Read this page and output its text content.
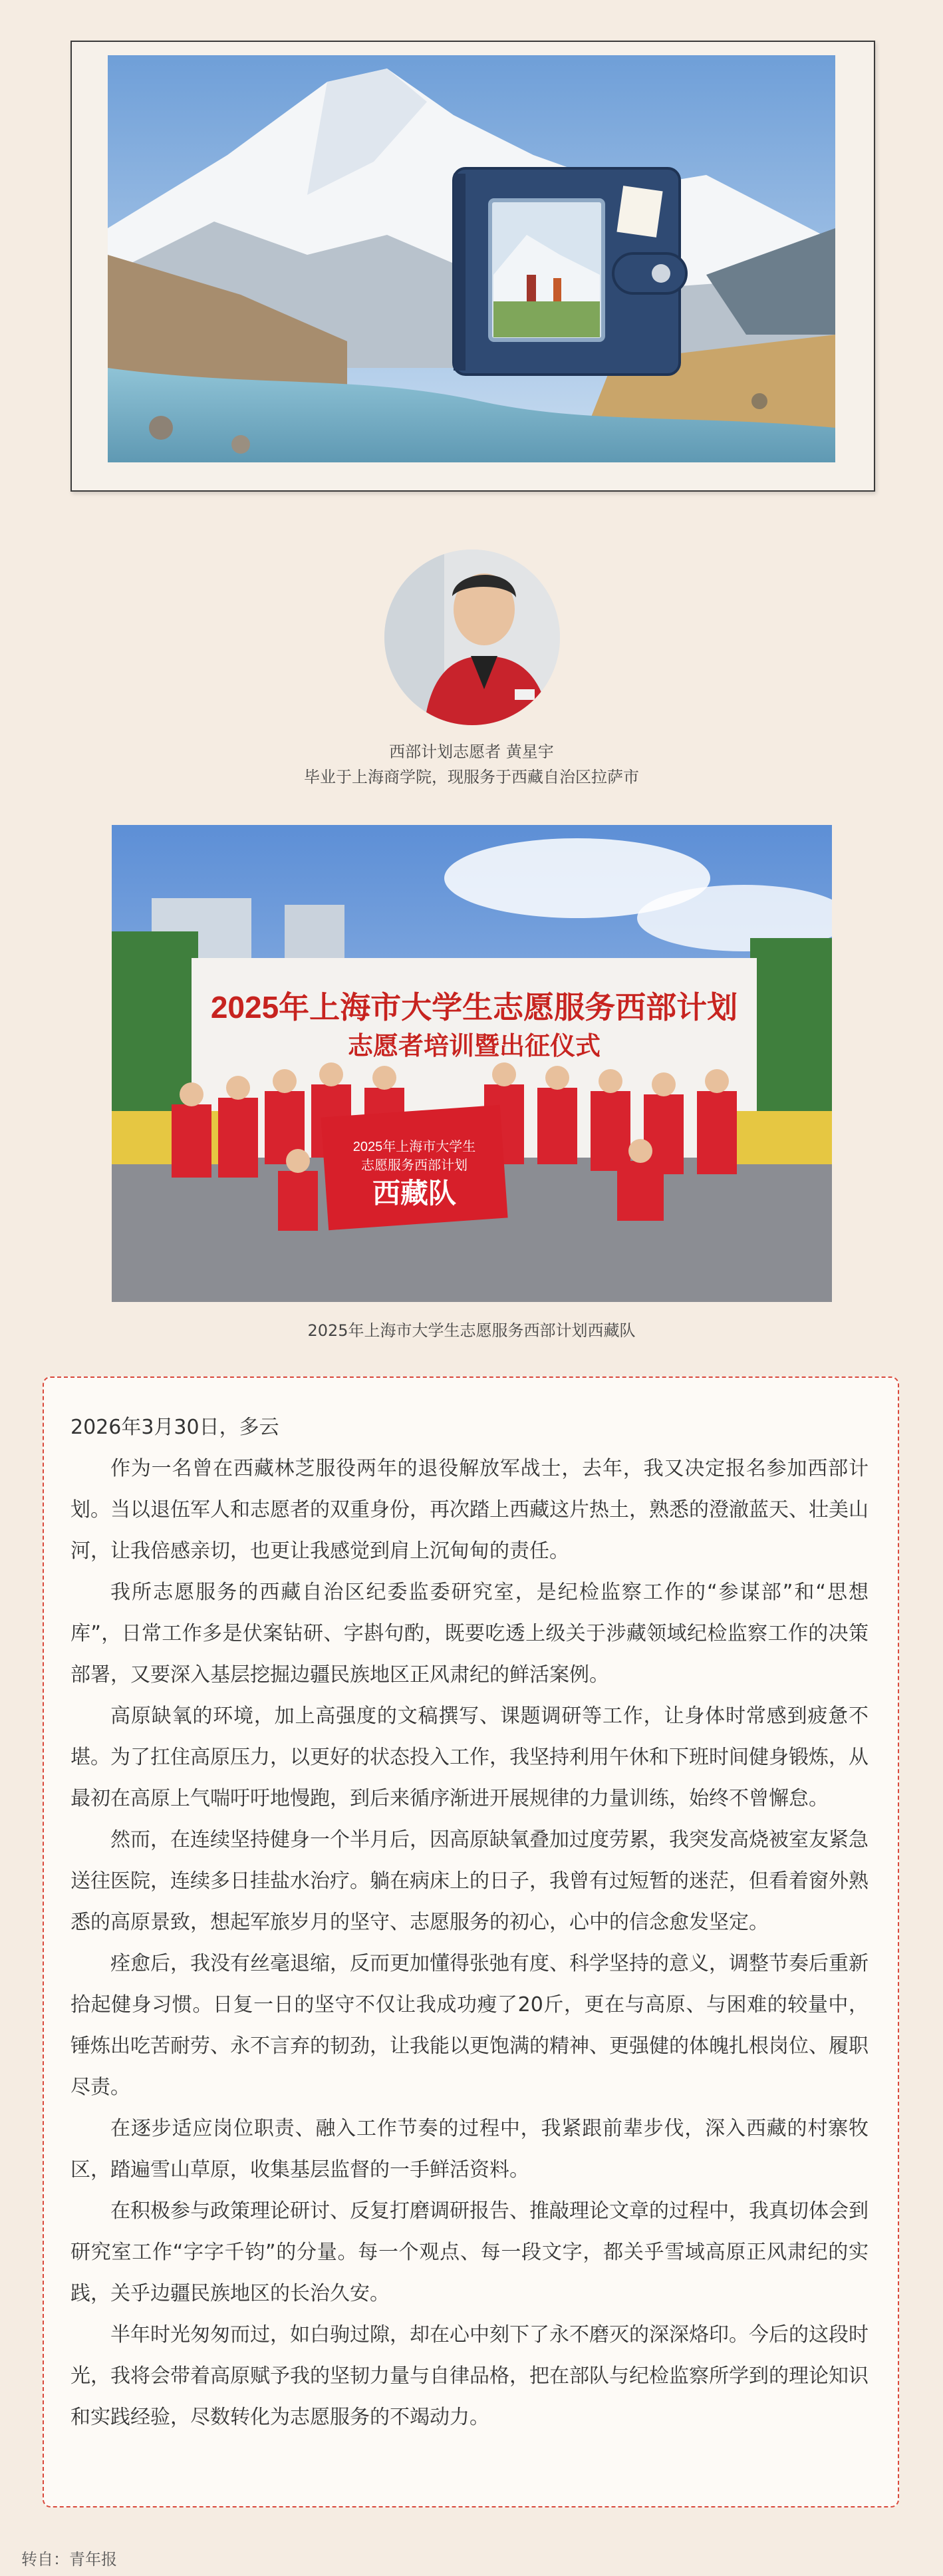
西部计划志愿者 黄星宇
毕业于上海商学院，现服务于西藏自治区拉萨市
2025年上海市大学生志愿服务西部计划
志愿者培训暨出征仪式
2025年上海市大学生
志愿服务西部计划
西藏队
2025年上海市大学生志愿服务西部计划西藏队

2026年3月30日，多云

作为一名曾在西藏林芝服役两年的退役解放军战士，去年，我又决定报名参加西部计划。当以退伍军人和志愿者的双重身份，再次踏上西藏这片热土，熟悉的澄澈蓝天、壮美山河，让我倍感亲切，也更让我感觉到肩上沉甸甸的责任。

我所志愿服务的西藏自治区纪委监委研究室，是纪检监察工作的“参谋部”和“思想库”，日常工作多是伏案钻研、字斟句酌，既要吃透上级关于涉藏领域纪检监察工作的决策部署，又要深入基层挖掘边疆民族地区正风肃纪的鲜活案例。

高原缺氧的环境，加上高强度的文稿撰写、课题调研等工作，让身体时常感到疲惫不堪。为了扛住高原压力，以更好的状态投入工作，我坚持利用午休和下班时间健身锻炼，从最初在高原上气喘吁吁地慢跑，到后来循序渐进开展规律的力量训练，始终不曾懈怠。

然而，在连续坚持健身一个半月后，因高原缺氧叠加过度劳累，我突发高烧被室友紧急送往医院，连续多日挂盐水治疗。躺在病床上的日子，我曾有过短暂的迷茫，但看着窗外熟悉的高原景致，想起军旅岁月的坚守、志愿服务的初心，心中的信念愈发坚定。

痊愈后，我没有丝毫退缩，反而更加懂得张弛有度、科学坚持的意义，调整节奏后重新拾起健身习惯。日复一日的坚守不仅让我成功瘦了20斤，更在与高原、与困难的较量中，锤炼出吃苦耐劳、永不言弃的韧劲，让我能以更饱满的精神、更强健的体魄扎根岗位、履职尽责。

在逐步适应岗位职责、融入工作节奏的过程中，我紧跟前辈步伐，深入西藏的村寨牧区，踏遍雪山草原，收集基层监督的一手鲜活资料。

在积极参与政策理论研讨、反复打磨调研报告、推敲理论文章的过程中，我真切体会到研究室工作“字字千钧”的分量。每一个观点、每一段文字，都关乎雪域高原正风肃纪的实践，关乎边疆民族地区的长治久安。

半年时光匆匆而过，如白驹过隙，却在心中刻下了永不磨灭的深深烙印。今后的这段时光，我将会带着高原赋予我的坚韧力量与自律品格，把在部队与纪检监察所学到的理论知识和实践经验，尽数转化为志愿服务的不竭动力。

转自：青年报
